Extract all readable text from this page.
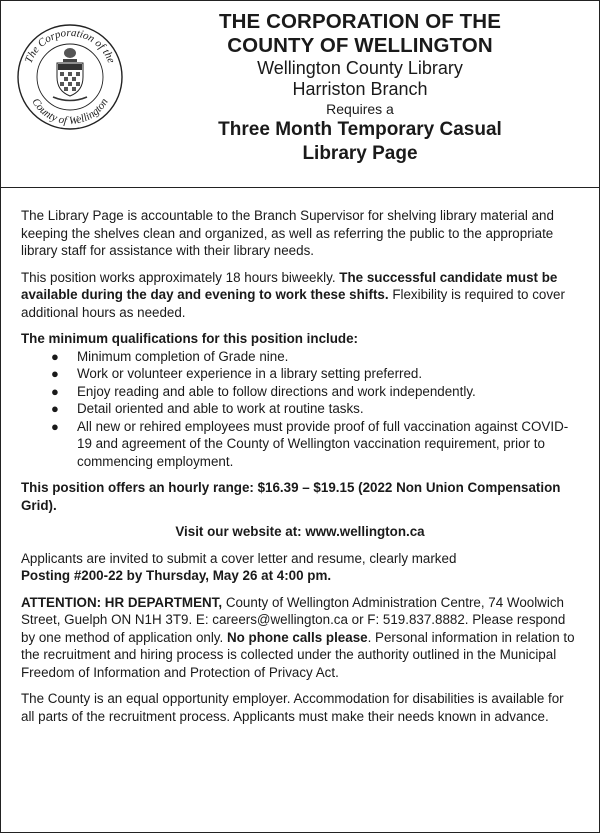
The Corporation of the
County of Wellington
THE CORPORATION OF THE
COUNTY OF WELLINGTON
Wellington County Library
Harriston Branch
Requires a
Three Month Temporary Casual
Library Page

The Library Page is accountable to the Branch Supervisor for shelving library material and keeping the shelves clean and organized, as well as referring the public to the appropriate library staff for assistance with their library needs.

This position works approximately 18 hours biweekly. The successful candidate must be available during the day and evening to work these shifts. Flexibility is required to cover additional hours as needed.

The minimum qualifications for this position include:
● Minimum completion of Grade nine.
● Work or volunteer experience in a library setting preferred.
● Enjoy reading and able to follow directions and work independently.
● Detail oriented and able to work at routine tasks.
● All new or rehired employees must provide proof of full vaccination against COVID-19 and agreement of the County of Wellington vaccination requirement, prior to commencing employment.

This position offers an hourly range: $16.39 – $19.15 (2022 Non Union Compensation Grid).

Visit our website at: www.wellington.ca

Applicants are invited to submit a cover letter and resume, clearly marked
Posting #200-22 by Thursday, May 26 at 4:00 pm.

ATTENTION: HR DEPARTMENT, County of Wellington Administration Centre, 74 Woolwich Street, Guelph ON N1H 3T9. E: careers@wellington.ca or F: 519.837.8882. Please respond by one method of application only. No phone calls please. Personal information in relation to the recruitment and hiring process is collected under the authority outlined in the Municipal Freedom of Information and Protection of Privacy Act.

The County is an equal opportunity employer. Accommodation for disabilities is available for all parts of the recruitment process. Applicants must make their needs known in advance.
